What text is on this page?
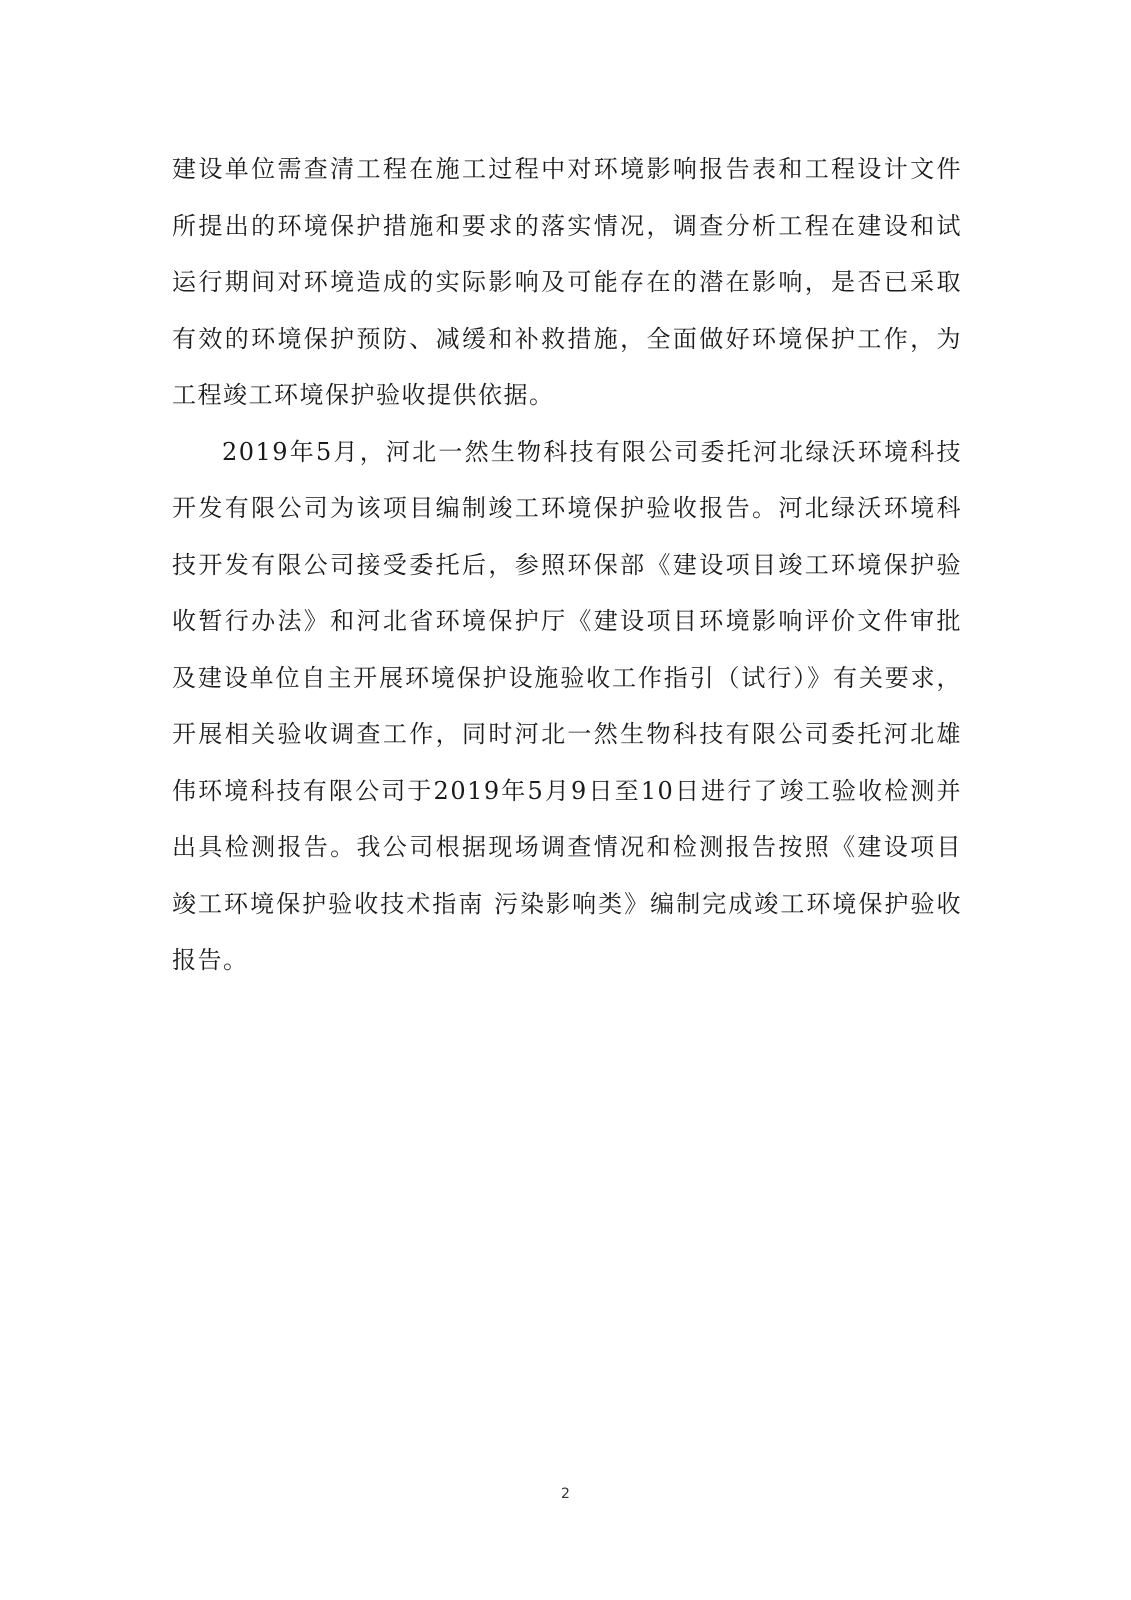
建设单位需查清工程在施工过程中对环境影响报告表和工程设计文件所提出的环境保护措施和要求的落实情况，调查分析工程在建设和试运行期间对环境造成的实际影响及可能存在的潜在影响，是否已采取有效的环境保护预防、减缓和补救措施，全面做好环境保护工作，为工程竣工环境保护验收提供依据。

2019年5月，河北一然生物科技有限公司委托河北绿沃环境科技开发有限公司为该项目编制竣工环境保护验收报告。河北绿沃环境科技开发有限公司接受委托后，参照环保部《建设项目竣工环境保护验收暂行办法》和河北省环境保护厅《建设项目环境影响评价文件审批及建设单位自主开展环境保护设施验收工作指引（试行）》有关要求，开展相关验收调查工作，同时河北一然生物科技有限公司委托河北雄伟环境科技有限公司于2019年5月9日至10日进行了竣工验收检测并出具检测报告。我公司根据现场调查情况和检测报告按照《建设项目竣工环境保护验收技术指南 污染影响类》编制完成竣工环境保护验收报告。

2
